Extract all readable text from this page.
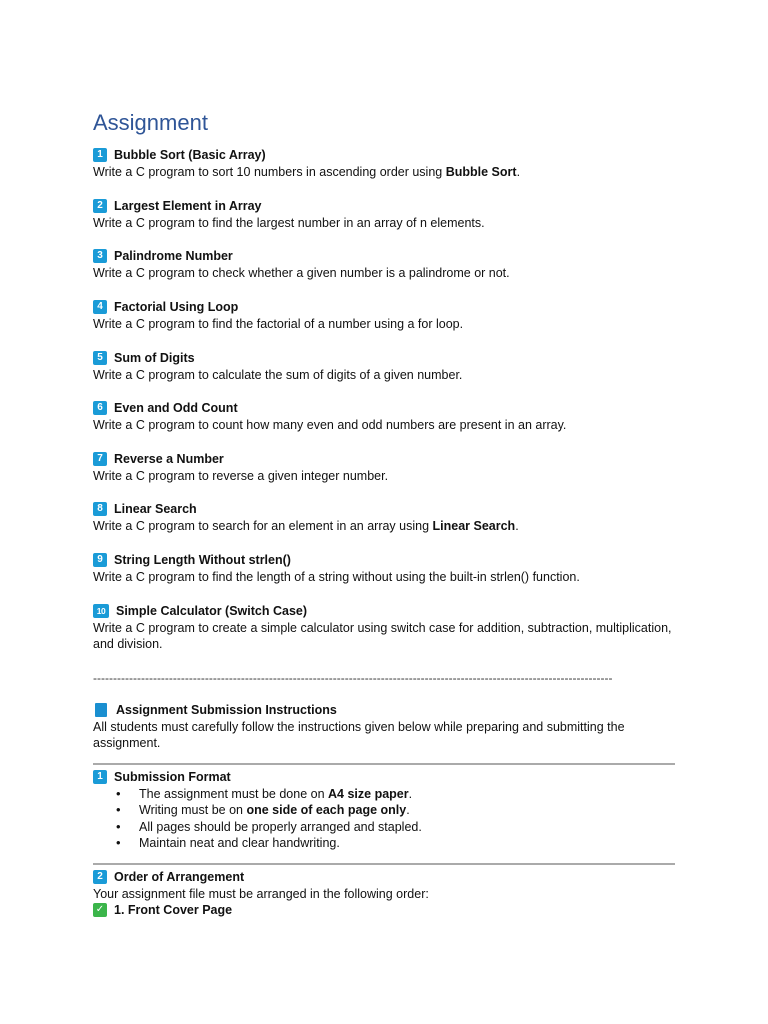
Assignment
1 Bubble Sort (Basic Array)
Write a C program to sort 10 numbers in ascending order using Bubble Sort.
2 Largest Element in Array
Write a C program to find the largest number in an array of n elements.
3 Palindrome Number
Write a C program to check whether a given number is a palindrome or not.
4 Factorial Using Loop
Write a C program to find the factorial of a number using a for loop.
5 Sum of Digits
Write a C program to calculate the sum of digits of a given number.
6 Even and Odd Count
Write a C program to count how many even and odd numbers are present in an array.
7 Reverse a Number
Write a C program to reverse a given integer number.
8 Linear Search
Write a C program to search for an element in an array using Linear Search.
9 String Length Without strlen()
Write a C program to find the length of a string without using the built-in strlen() function.
10 Simple Calculator (Switch Case)
Write a C program to create a simple calculator using switch case for addition, subtraction, multiplication, and division.
----------------------------------------------------------------------------------------------------------------------------------
Assignment Submission Instructions
All students must carefully follow the instructions given below while preparing and submitting the assignment.
1 Submission Format
• The assignment must be done on A4 size paper.
• Writing must be on one side of each page only.
• All pages should be properly arranged and stapled.
• Maintain neat and clear handwriting.
2 Order of Arrangement
Your assignment file must be arranged in the following order:
✓ 1. Front Cover Page
